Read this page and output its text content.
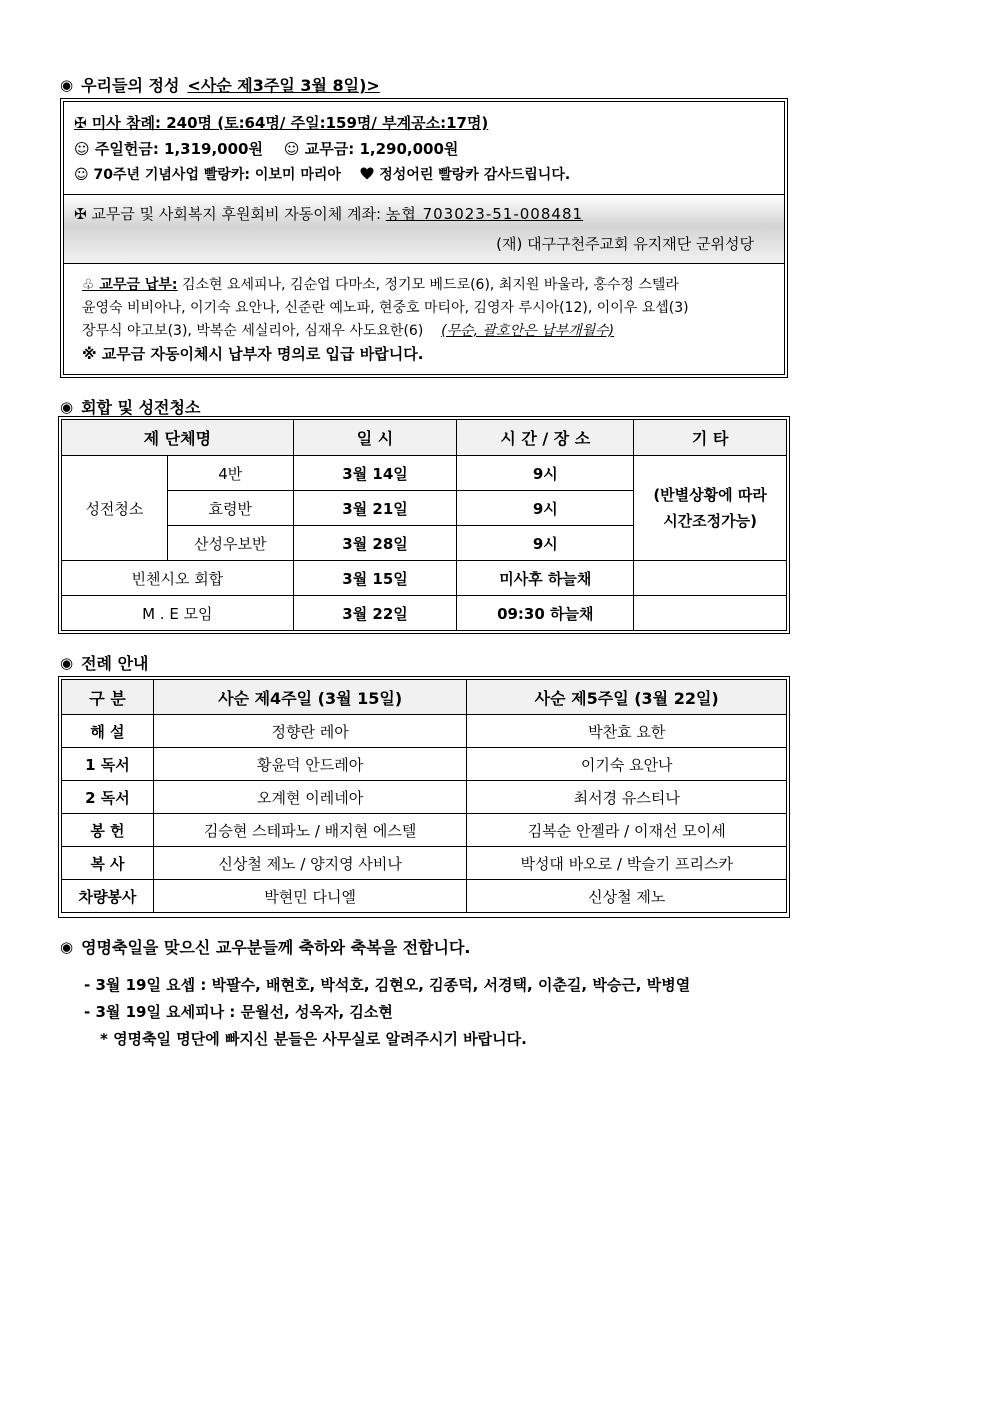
◉ 우리들의 정성 <사순 제3주일 3월 8일)>
✠ 미사 참례: 240명 (토:64명/ 주일:159명/ 부계공소:17명)
☺ 주일헌금: 1,319,000원 ☺ 교무금: 1,290,000원
☺ 70주년 기념사업 빨랑카: 이보미 마리아	정성어린 빨랑카 감사드립니다.
✠ 교무금 및 사회복지 후원회비 자동이체 계좌: 농협 703023-51-008481
(재) 대구구천주교회 유지재단 군위성당
♧ 교무금 납부: 김소현 요세피나, 김순업 다마소, 정기모 베드로(6), 최지원 바울라, 홍수정 스텔라
윤영숙 비비아나, 이기숙 요안나, 신준란 예노파, 현중호 마티아, 김영자 루시아(12), 이이우 요셉(3)
장무식 야고보(3), 박복순 세실리아, 심재우 사도요한(6) (무순, 괄호안은 납부개월수)
※ 교무금 자동이체시 납부자 명의로 입급 바랍니다.
◉ 회합 및 성전청소
제 단체명		일 시	시 간 / 장 소	기 타
성전청소	4반	3월 14일	9시	(반별상황에 따라
시간조정가능)

	효령반	3월 21일	9시	
	산성우보반	3월 28일	9시	
빈첸시오 회합		3월 15일	미사후 하늘채	
M . E 모임		3월 22일	09:30 하늘채	
◉ 전례 안내
구 분	사순 제4주일 (3월 15일)	사순 제5주일 (3월 22일)
해 설	정향란 레아	박찬효 요한
1 독서	황윤덕 안드레아	이기숙 요안나
2 독서	오계현 이레네아	최서경 유스티나
봉 헌	김승현 스테파노 / 배지현 에스텔	김복순 안젤라 / 이재선 모이세
복 사	신상철 제노 / 양지영 사비나	박성대 바오로 / 박슬기 프리스카
차량봉사	박현민 다니엘	신상철 제노
◉ 영명축일을 맞으신 교우분들께 축하와 축복을 전합니다.
- 3월 19일 요셉 : 박팔수, 배현호, 박석호, 김현오, 김종덕, 서경택, 이춘길, 박승근, 박병열
- 3월 19일 요세피나 : 문월선, 성옥자, 김소현
* 영명축일 명단에 빠지신 분들은 사무실로 알려주시기 바랍니다.
